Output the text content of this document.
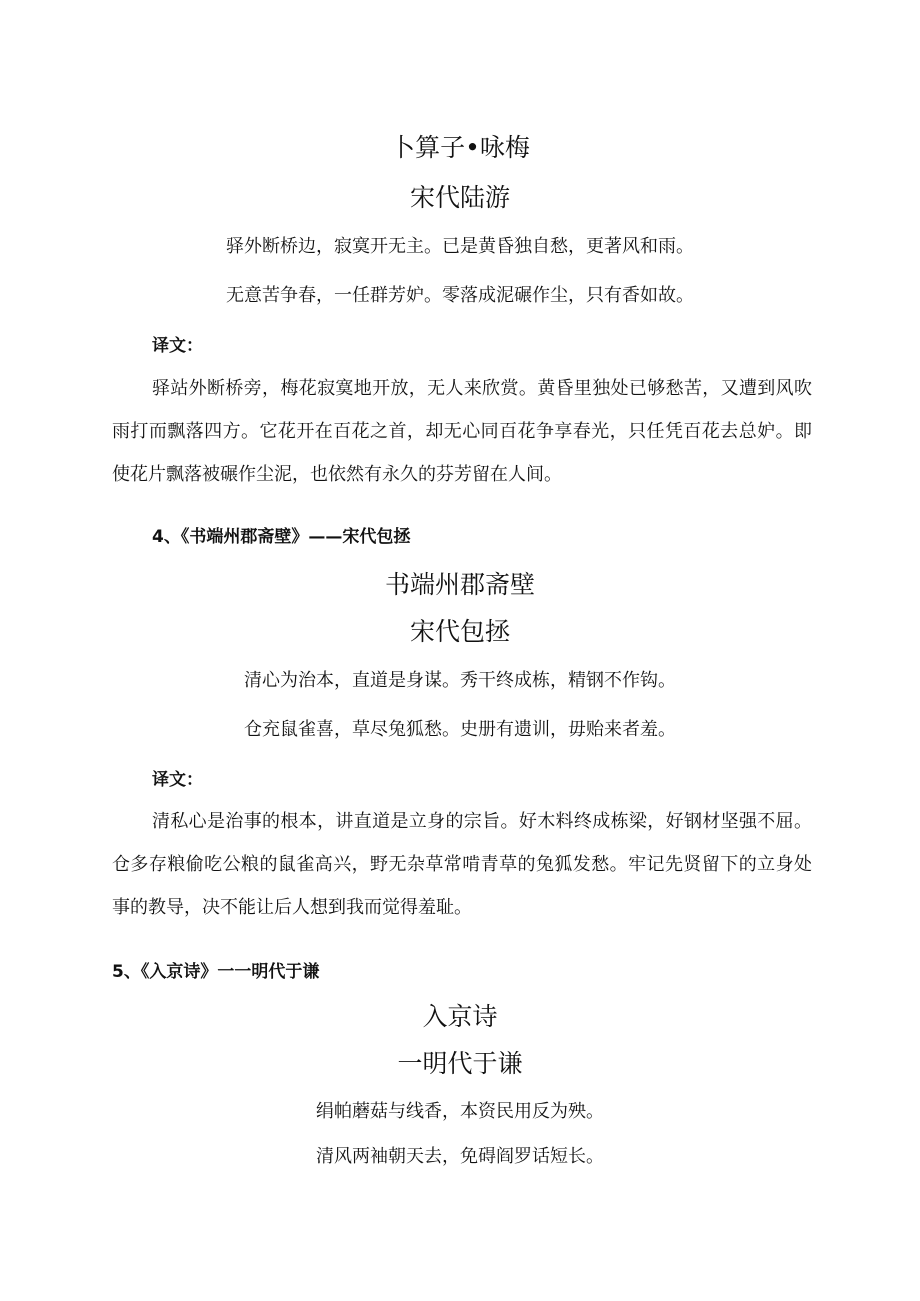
卜算子•咏梅
宋代陆游
驿外断桥边，寂寞开无主。已是黄昏独自愁，更著风和雨。
无意苦争春，一任群芳妒。零落成泥碾作尘，只有香如故。
译文：
驿站外断桥旁，梅花寂寞地开放，无人来欣赏。黄昏里独处已够愁苦，又遭到风吹雨打而飘落四方。它花开在百花之首，却无心同百花争享春光，只任凭百花去总妒。即使花片飘落被碾作尘泥，也依然有永久的芬芳留在人间。
4、《书端州郡斋壁》——宋代包拯
书端州郡斋壁
宋代包拯
清心为治本，直道是身谋。秀干终成栋，精钢不作钩。
仓充鼠雀喜，草尽兔狐愁。史册有遗训，毋贻来者羞。
译文：
清私心是治事的根本，讲直道是立身的宗旨。好木料终成栋梁，好钢材坚强不屈。仓多存粮偷吃公粮的鼠雀高兴，野无杂草常啃青草的兔狐发愁。牢记先贤留下的立身处事的教导，决不能让后人想到我而觉得羞耻。
5、《入京诗》一一明代于谦
入京诗
一明代于谦
绢帕蘑菇与线香，本资民用反为殃。
清风两袖朝天去，免碍阎罗话短长。
